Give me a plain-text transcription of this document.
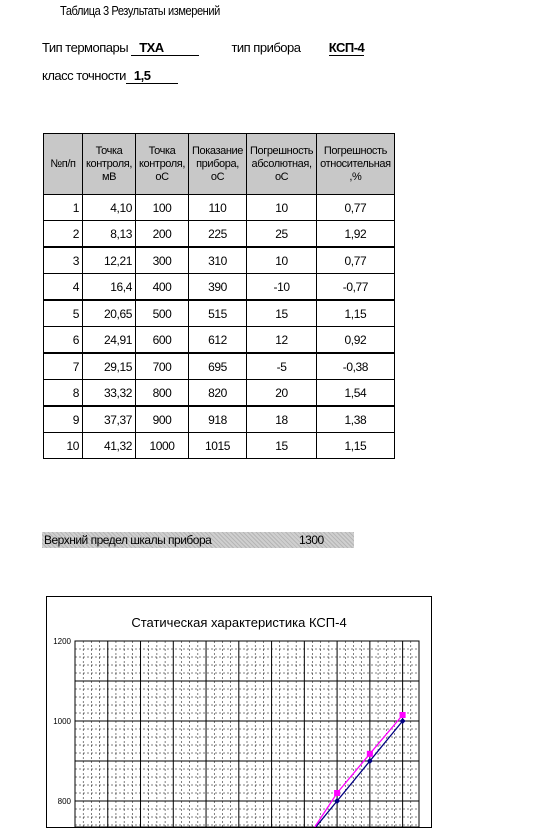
Таблица 3 Результаты измерений
Тип термопары ТХА	тип прибора КСП-4
класс точности 1,5
№п/п	Точка контроля, мВ	Точка контроля, оС	Показание прибора, оС	Погрешность абсолютная, оС	Погрешность относительная ,%
1	4,10	100	110	10	0,77
2	8,13	200	225	25	1,92
3	12,21	300	310	10	0,77
4	16,4	400	390	-10	-0,77
5	20,65	500	515	15	1,15
6	24,91	600	612	12	0,92
7	29,15	700	695	-5	-0,38
8	33,32	800	820	20	1,54
9	37,37	900	918	18	1,38
10	41,32	1000	1015	15	1,15
Верхний предел шкалы прибора	1300
Статическая характеристика КСП-4
1200
1000
800
